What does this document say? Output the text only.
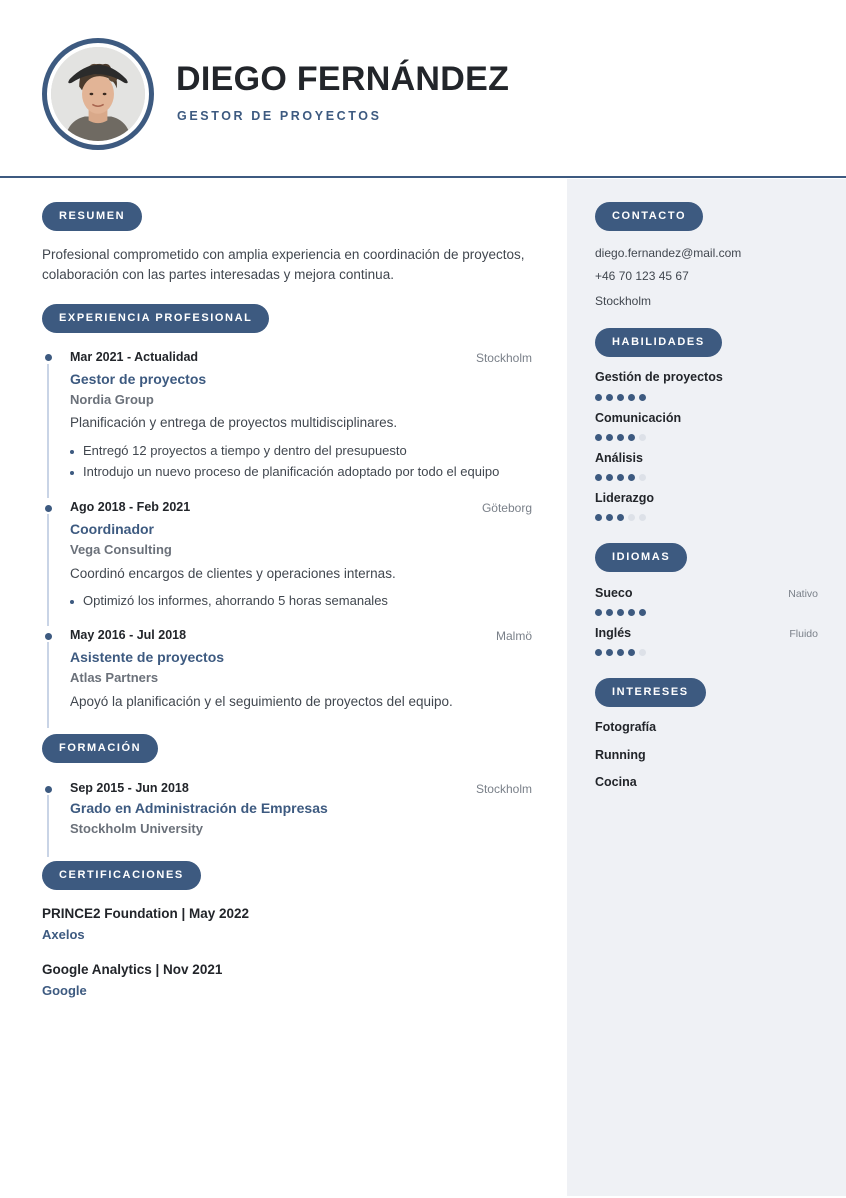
DIEGO FERNÁNDEZ
GESTOR DE PROYECTOS
RESUMEN
Profesional comprometido con amplia experiencia en coordinación de proyectos, colaboración con las partes interesadas y mejora continua.
EXPERIENCIA PROFESIONAL
Mar 2021 - Actualidad	Stockholm
Gestor de proyectos
Nordia Group
Planificación y entrega de proyectos multidisciplinares.
Entregó 12 proyectos a tiempo y dentro del presupuesto
Introdujo un nuevo proceso de planificación adoptado por todo el equipo
Ago 2018 - Feb 2021	Göteborg
Coordinador
Vega Consulting
Coordinó encargos de clientes y operaciones internas.
Optimizó los informes, ahorrando 5 horas semanales
May 2016 - Jul 2018	Malmö
Asistente de proyectos
Atlas Partners
Apoyó la planificación y el seguimiento de proyectos del equipo.
FORMACIÓN
Sep 2015 - Jun 2018	Stockholm
Grado en Administración de Empresas
Stockholm University
CERTIFICACIONES
PRINCE2 Foundation | May 2022
Axelos
Google Analytics | Nov 2021
Google
CONTACTO
diego.fernandez@mail.com
+46 70 123 45 67
Stockholm
HABILIDADES
Gestión de proyectos
Comunicación
Análisis
Liderazgo
IDIOMAS
Sueco	Nativo
Inglés	Fluido
INTERESES
Fotografía
Running
Cocina
